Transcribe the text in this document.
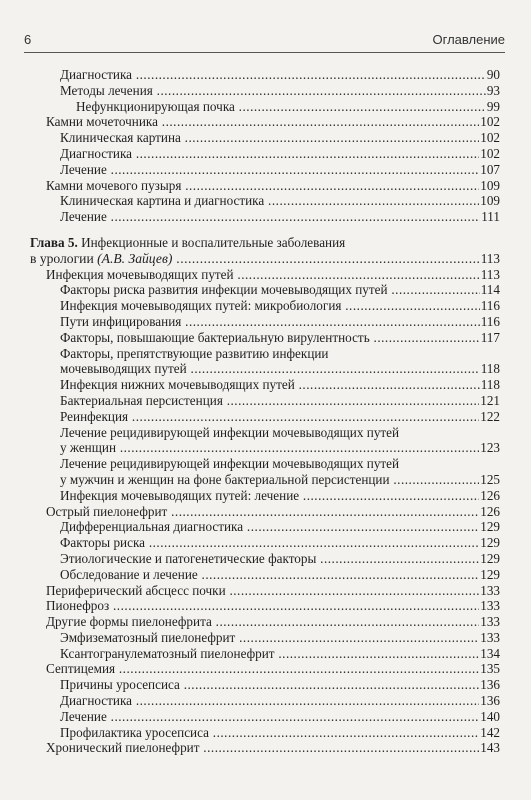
6	Оглавление
Диагностика .....	90
Методы лечения .....	93
Нефункционирующая почка .....	99
Камни мочеточника .....	102
Клиническая картина .....	102
Диагностика .....	102
Лечение .....	107
Камни мочевого пузыря .....	109
Клиническая картина и диагностика .....	109
Лечение .....	111
Глава 5. Инфекционные и воспалительные заболевания
в урологии (А.В. Зайцев) .....	113
Инфекция мочевыводящих путей .....	113
Факторы риска развития инфекции мочевыводящих путей .....	114
Инфекция мочевыводящих путей: микробиология .....	116
Пути инфицирования .....	116
Факторы, повышающие бактериальную вирулентность .....	117
Факторы, препятствующие развитию инфекции
мочевыводящих путей .....	118
Инфекция нижних мочевыводящих путей .....	118
Бактериальная персистенция .....	121
Реинфекция .....	122
Лечение рецидивирующей инфекции мочевыводящих путей
у женщин .....	123
Лечение рецидивирующей инфекции мочевыводящих путей
у мужчин и женщин на фоне бактериальной персистенции .....	125
Инфекция мочевыводящих путей: лечение .....	126
Острый пиелонефрит .....	126
Дифференциальная диагностика .....	129
Факторы риска .....	129
Этиологические и патогенетические факторы .....	129
Обследование и лечение .....	129
Периферический абсцесс почки .....	133
Пионефроз .....	133
Другие формы пиелонефрита .....	133
Эмфизематозный пиелонефрит .....	133
Ксантогранулематозный пиелонефрит .....	134
Септицемия .....	135
Причины уросепсиса .....	136
Диагностика .....	136
Лечение .....	140
Профилактика уросепсиса .....	142
Хронический пиелонефрит .....	143
